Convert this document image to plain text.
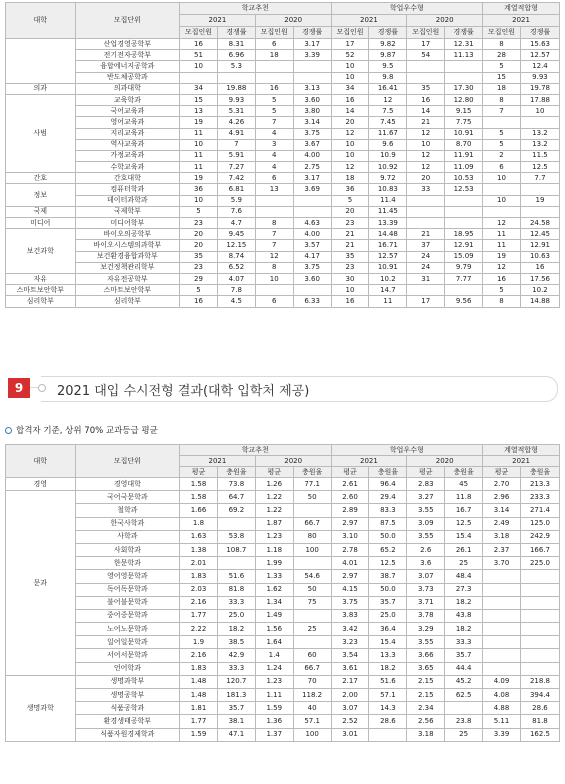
대학	모집단위	학교추천				학업우수형				계열적합형	
		2021		2020		2021		2020		2021	
		모집인원	경쟁률	모집인원	경쟁률	모집인원	경쟁률	모집인원	경쟁률	모집인원	경쟁률
	산업경영공학부	16	8.31	6	3.17	17	9.82	17	12.31	8	15.63
	전기전자공학부	51	6.96	18	3.39	52	9.87	54	11.13	28	12.57
	융합에너지공학과	10	5.3			10	9.5			5	12.4
	반도체공학과					10	9.8			15	9.93
의과	의과대학	34	19.88	16	3.13	34	16.41	35	17.30	18	19.78
사범	교육학과	15	9.93	5	3.60	16	12	16	12.80	8	17.88
	국어교육과	13	5.31	5	3.80	14	7.5	14	9.15	7	10
	영어교육과	19	4.26	7	3.14	20	7.45	21	7.75		
	지리교육과	11	4.91	4	3.75	12	11.67	12	10.91	5	13.2
	역사교육과	10	7	3	3.67	10	9.6	10	8.70	5	13.2
	가정교육과	11	5.91	4	4.00	10	10.9	12	11.91	2	11.5
	수학교육과	11	7.27	4	2.75	12	10.92	12	11.09	6	12.5
간호	간호대학	19	7.42	6	3.17	18	9.72	20	10.53	10	7.7
정보	컴퓨터학과	36	6.81	13	3.69	36	10.83	33	12.53		
	데이터과학과	10	5.9			5	11.4			10	19
국제	국제학부	5	7.6			20	11.45				
미디어	미디어학부	23	4.7	8	4.63	23	13.39			12	24.58
보건과학	바이오의공학부	20	9.45	7	4.00	21	14.48	21	18.95	11	12.45
	바이오시스템의과학부	20	12.15	7	3.57	21	16.71	37	12.91	11	12.91
	보건환경융합과학부	35	8.74	12	4.17	35	12.57	24	15.09	19	10.63
	보건정책관리학부	23	6.52	8	3.75	23	10.91	24	9.79	12	16
자유	자유전공학부	29	4.07	10	3.60	30	10.2	31	7.77	16	17.56
스마트보안학부	스마트보안학부	5	7.8			10	14.7			5	10.2
심리학부	심리학부	16	4.5	6	6.33	16	11	17	9.56	8	14.88
9	2021 대입 수시전형 결과(대학 입학처 제공)
합격자 기준, 상위 70% 교과등급 평균
대학	모집단위	학교추천				학업우수형				계열적합형	
		2021		2020		2021		2020		2021	
		평균	충원율	평균	충원율	평균	충원율	평균	충원율	평균	충원율
경영	경영대학	1.58	73.8	1.26	77.1	2.61	96.4	2.83	45	2.70	213.3
문과	국어국문학과	1.58	64.7	1.22	50	2.60	29.4	3.27	11.8	2.96	233.3
	철학과	1.66	69.2	1.22		2.89	83.3	3.55	16.7	3.14	271.4
	한국사학과	1.8		1.87	66.7	2.97	87.5	3.09	12.5	2.49	125.0
	사학과	1.63	53.8	1.23	80	3.10	50.0	3.55	15.4	3.18	242.9
	사회학과	1.38	108.7	1.18	100	2.78	65.2	2.6	26.1	2.37	166.7
	한문학과	2.01		1.99		4.01	12.5	3.6	25	3.70	225.0
	영어영문학과	1.83	51.6	1.33	54.6	2.97	38.7	3.07	48.4		
	독어독문학과	2.03	81.8	1.62	50	4.15	50.0	3.73	27.3		
	불어불문학과	2.16	33.3	1.34	75	3.75	35.7	3.71	18.2		
	중어중문학과	1.77	25.0	1.49		3.83	25.0	3.78	43.8		
	노어노문학과	2.22	18.2	1.56	25	3.42	36.4	3.29	18.2		
	일어일문학과	1.9	38.5	1.64		3.23	15.4	3.55	33.3		
	서어서문학과	2.16	42.9	1.4	60	3.54	13.3	3.66	35.7		
	언어학과	1.83	33.3	1.24	66.7	3.61	18.2	3.65	44.4		
생명과학	생명과학부	1.48	120.7	1.23	70	2.17	51.6	2.15	45.2	4.09	218.8
	생명공학부	1.48	181.3	1.11	118.2	2.00	57.1	2.15	62.5	4.08	394.4
	식품공학과	1.81	35.7	1.59	40	3.07	14.3	2.34		4.88	28.6
	환경생태공학부	1.77	38.1	1.36	57.1	2.52	28.6	2.56	23.8	5.11	81.8
	식품자원경제학과	1.59	47.1	1.37	100	3.01		3.18	25	3.39	162.5
